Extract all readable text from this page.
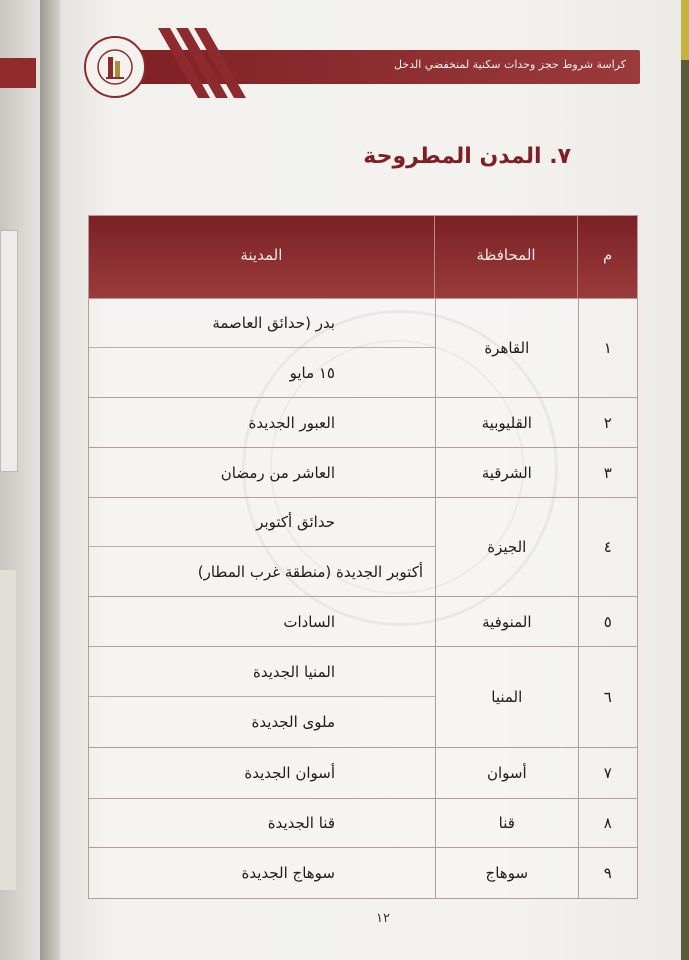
كراسة شروط حجز وحدات سكنية لمنخفضي الدخل
٧. المدن المطروحة
م
المحافظة
المدينة
١
القاهرة
بدر (حدائق العاصمة
١٥ مايو
٢
القليوبية
العبور الجديدة
٣
الشرقية
العاشر من رمضان
٤
الجيزة
حدائق أكتوبر
أكتوبر الجديدة (منطقة غرب المطار)
٥
المنوفية
السادات
٦
المنيا
المنيا الجديدة
ملوى الجديدة
٧
أسوان
أسوان الجديدة
٨
قنا
قنا الجديدة
٩
سوهاج
سوهاج الجديدة
١٢
